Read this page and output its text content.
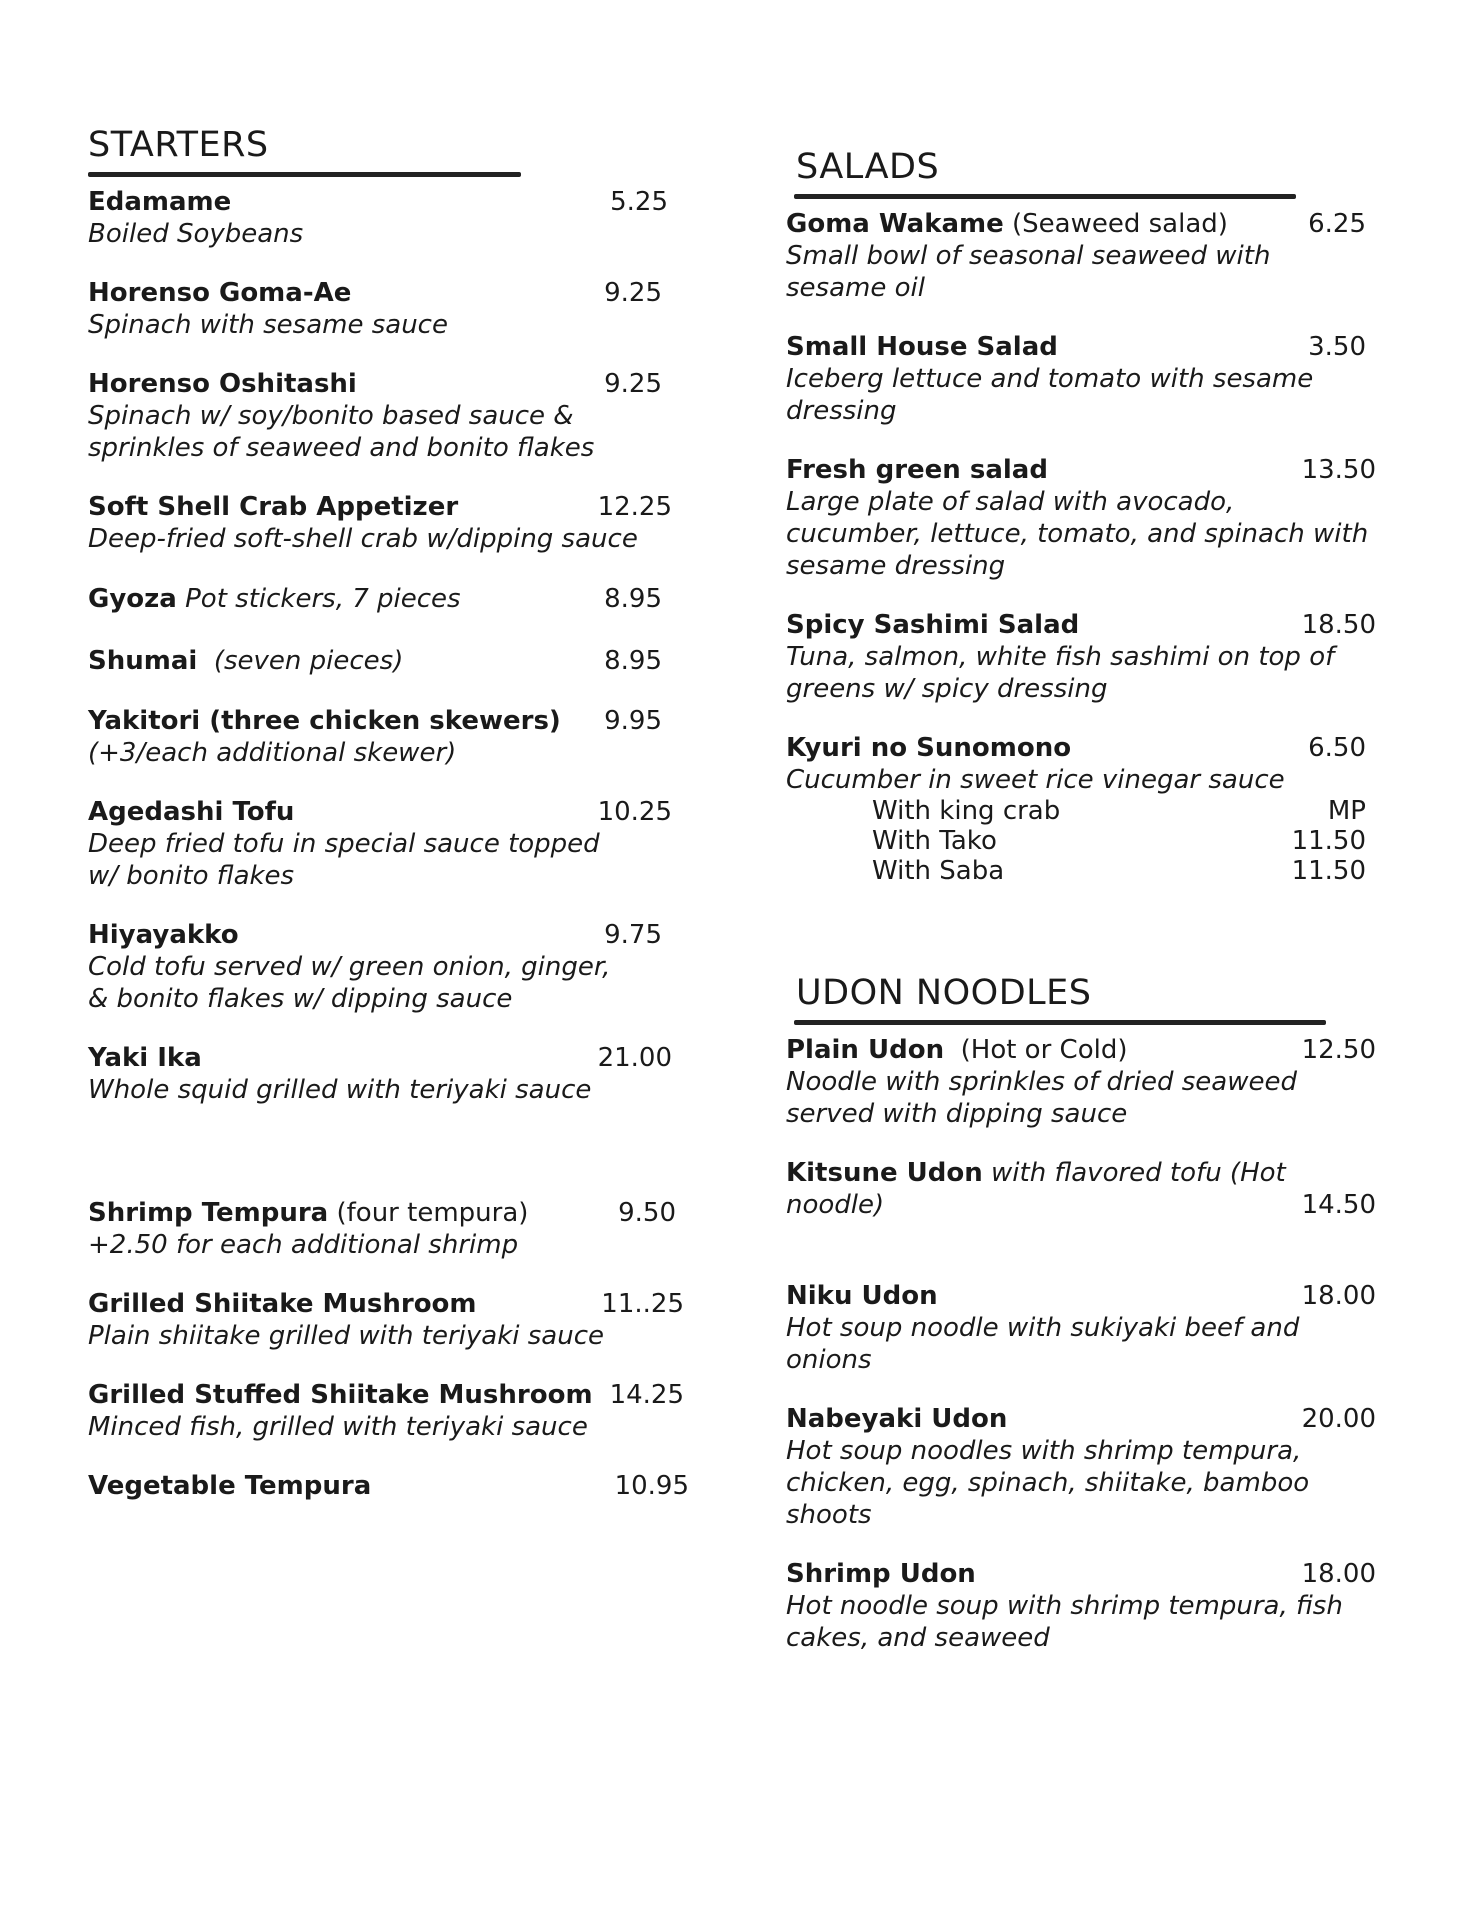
STARTERS
Edamame	5.25
Boiled Soybeans
Horenso Goma-Ae	9.25
Spinach with sesame sauce
Horenso Oshitashi	9.25
Spinach w/ soy/bonito based sauce &
sprinkles of seaweed and bonito flakes
Soft Shell Crab Appetizer	12.25
Deep-fried soft-shell crab w/dipping sauce
Gyoza
Pot stickers, 7 pieces	8.95
Shumai
(seven pieces)	8.95
Yakitori (three chicken skewers) 9.95
(+3/each additional skewer)
Agedashi Tofu	10.25
Deep fried tofu in special sauce topped
w/ bonito flakes
Hiyayakko	9.75
Cold tofu served w/ green onion, ginger,
& bonito flakes w/ dipping sauce
Yaki Ika	21.00
Whole squid grilled with teriyaki sauce
Shrimp Tempura
(four tempura)	9.50
+2.50 for each additional shrimp
Grilled Shiitake Mushroom	11..25
Plain shiitake grilled with teriyaki sauce
Grilled Stuffed Shiitake Mushroom 14.25
Minced fish, grilled with teriyaki sauce
Vegetable Tempura	10.95
SALADS
Goma Wakame
(Seaweed salad)	6.25
Small bowl of seasonal seaweed with
sesame oil
Small House Salad	3.50
Iceberg lettuce and tomato with sesame
dressing
Fresh green salad	13.50
Large plate of salad with avocado,
cucumber, lettuce, tomato, and spinach with
sesame dressing
Spicy Sashimi Salad	18.50
Tuna, salmon, white fish sashimi on top of
greens w/ spicy dressing
Kyuri no Sunomono	6.50
Cucumber in sweet rice vinegar sauce
With king crab	MP
With Tako	11.50
With Saba	11.50
UDON NOODLES
Plain Udon
(Hot or Cold)	12.50
Noodle with sprinkles of dried seaweed
served with dipping sauce
Kitsune Udon
with flavored tofu (Hot
noodle)	14.50
Niku Udon	18.00
Hot soup noodle with sukiyaki beef and
onions
Nabeyaki Udon	20.00
Hot soup noodles with shrimp tempura,
chicken, egg, spinach, shiitake, bamboo
shoots
Shrimp Udon	18.00
Hot noodle soup with shrimp tempura, fish
cakes, and seaweed
